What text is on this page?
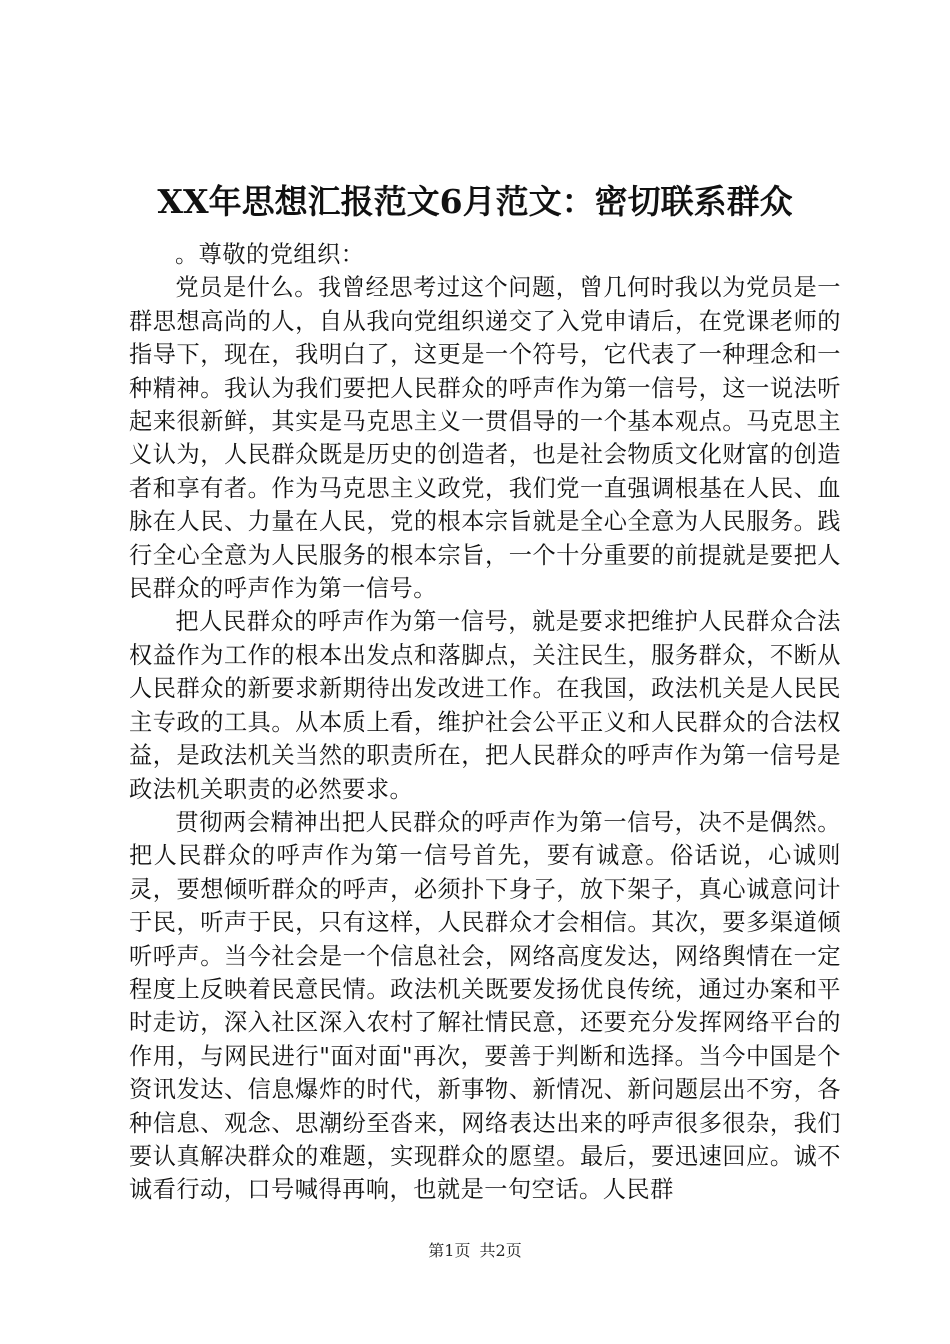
XX年思想汇报范文6月范文：密切联系群众

。尊敬的党组织：

党员是什么。我曾经思考过这个问题，曾几何时我以为党员是一群思想高尚的人，自从我向党组织递交了入党申请后，在党课老师的指导下，现在，我明白了，这更是一个符号，它代表了一种理念和一种精神。我认为我们要把人民群众的呼声作为第一信号，这一说法听起来很新鲜，其实是马克思主义一贯倡导的一个基本观点。马克思主义认为，人民群众既是历史的创造者，也是社会物质文化财富的创造者和享有者。作为马克思主义政党，我们党一直强调根基在人民、血脉在人民、力量在人民，党的根本宗旨就是全心全意为人民服务。践行全心全意为人民服务的根本宗旨，一个十分重要的前提就是要把人民群众的呼声作为第一信号。

把人民群众的呼声作为第一信号，就是要求把维护人民群众合法权益作为工作的根本出发点和落脚点，关注民生，服务群众，不断从人民群众的新要求新期待出发改进工作。在我国，政法机关是人民民主专政的工具。从本质上看，维护社会公平正义和人民群众的合法权益，是政法机关当然的职责所在，把人民群众的呼声作为第一信号是政法机关职责的必然要求。

贯彻两会精神出把人民群众的呼声作为第一信号，决不是偶然。把人民群众的呼声作为第一信号首先，要有诚意。俗话说，心诚则灵，要想倾听群众的呼声，必须扑下身子，放下架子，真心诚意问计于民，听声于民，只有这样，人民群众才会相信。其次，要多渠道倾听呼声。当今社会是一个信息社会，网络高度发达，网络舆情在一定程度上反映着民意民情。政法机关既要发扬优良传统，通过办案和平时走访，深入社区深入农村了解社情民意，还要充分发挥网络平台的作用，与网民进行"面对面"再次，要善于判断和选择。当今中国是个资讯发达、信息爆炸的时代，新事物、新情况、新问题层出不穷，各种信息、观念、思潮纷至沓来，网络表达出来的呼声很多很杂，我们要认真解决群众的难题，实现群众的愿望。最后，要迅速回应。诚不诚看行动，口号喊得再响，也就是一句空话。人民群

第1页 共2页
